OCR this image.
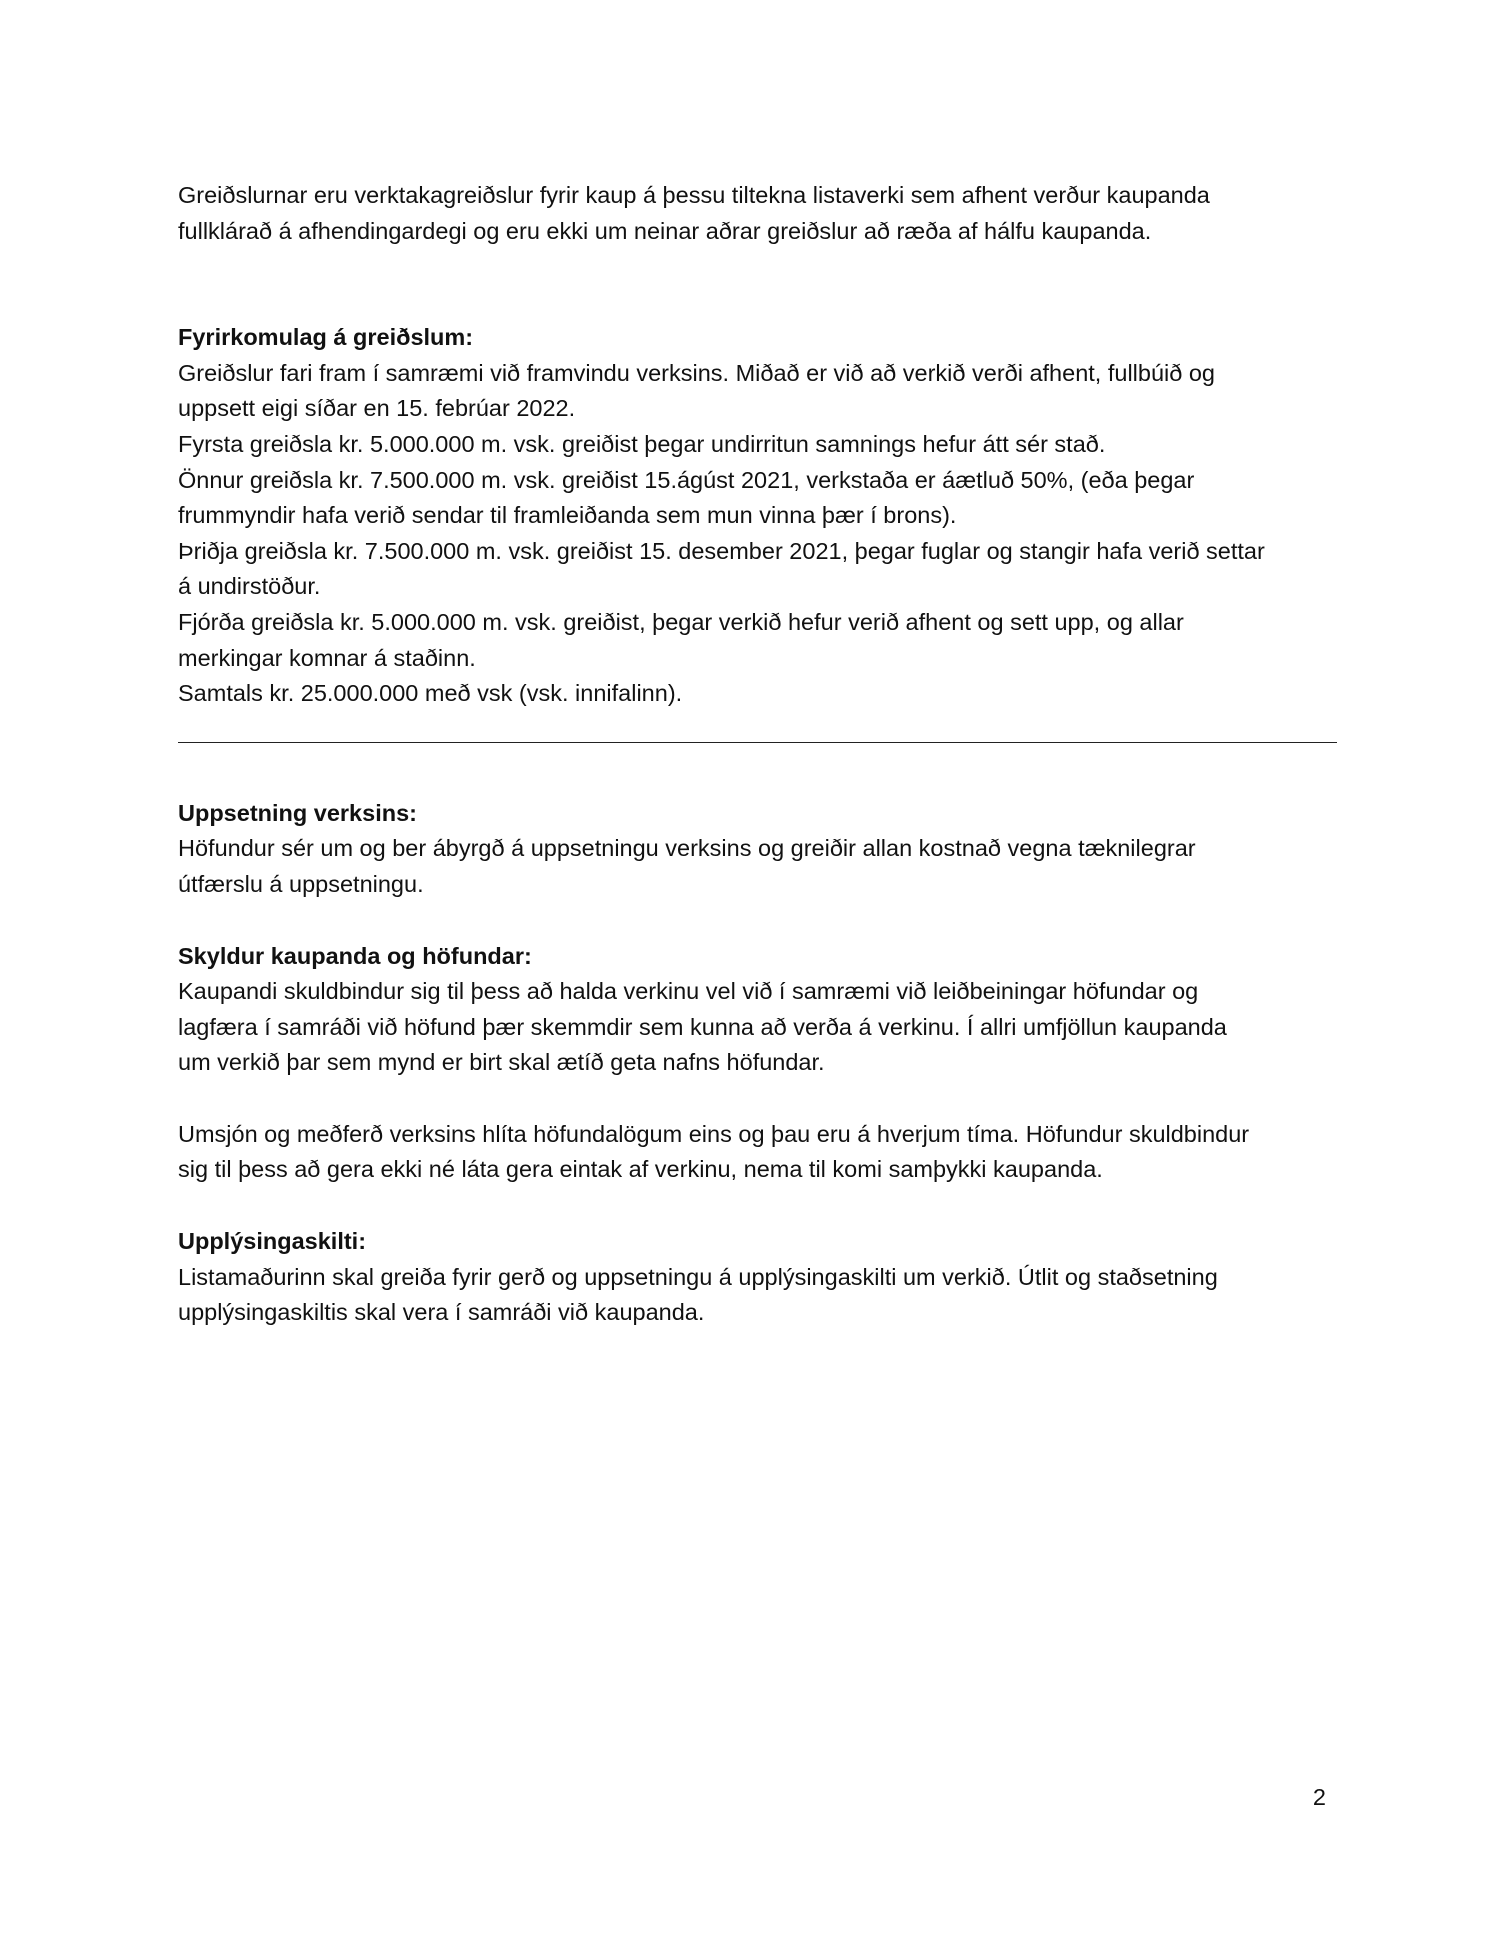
Greiðslurnar eru verktakagreiðslur fyrir kaup á þessu tiltekna listaverki sem afhent verður kaupanda

fullklárað á afhendingardegi og eru ekki um neinar aðrar greiðslur að ræða af hálfu kaupanda.

Fyrirkomulag á greiðslum:

Greiðslur fari fram í samræmi við framvindu verksins. Miðað er við að verkið verði afhent, fullbúið og

uppsett eigi síðar en 15. febrúar 2022.

Fyrsta greiðsla kr. 5.000.000 m. vsk. greiðist þegar undirritun samnings hefur átt sér stað.

Önnur greiðsla kr. 7.500.000 m. vsk. greiðist 15.ágúst 2021, verkstaða er áætluð 50%, (eða þegar

frummyndir hafa verið sendar til framleiðanda sem mun vinna þær í brons).

Þriðja greiðsla kr. 7.500.000 m. vsk. greiðist 15. desember 2021, þegar fuglar og stangir hafa verið settar

á undirstöður.

Fjórða greiðsla kr. 5.000.000 m. vsk. greiðist, þegar verkið hefur verið afhent og sett upp, og allar

merkingar komnar á staðinn.

Samtals kr. 25.000.000 með vsk (vsk. innifalinn).

Uppsetning verksins:

Höfundur sér um og ber ábyrgð á uppsetningu verksins og greiðir allan kostnað vegna tæknilegrar

útfærslu á uppsetningu.

Skyldur kaupanda og höfundar:

Kaupandi skuldbindur sig til þess að halda verkinu vel við í samræmi við leiðbeiningar höfundar og

lagfæra í samráði við höfund þær skemmdir sem kunna að verða á verkinu. Í allri umfjöllun kaupanda

um verkið þar sem mynd er birt skal ætíð geta nafns höfundar.

Umsjón og meðferð verksins hlíta höfundalögum eins og þau eru á hverjum tíma. Höfundur skuldbindur

sig til þess að gera ekki né láta gera eintak af verkinu, nema til komi samþykki kaupanda.

Upplýsingaskilti:

Listamaðurinn skal greiða fyrir gerð og uppsetningu á upplýsingaskilti um verkið. Útlit og staðsetning

upplýsingaskiltis skal vera í samráði við kaupanda.

2
